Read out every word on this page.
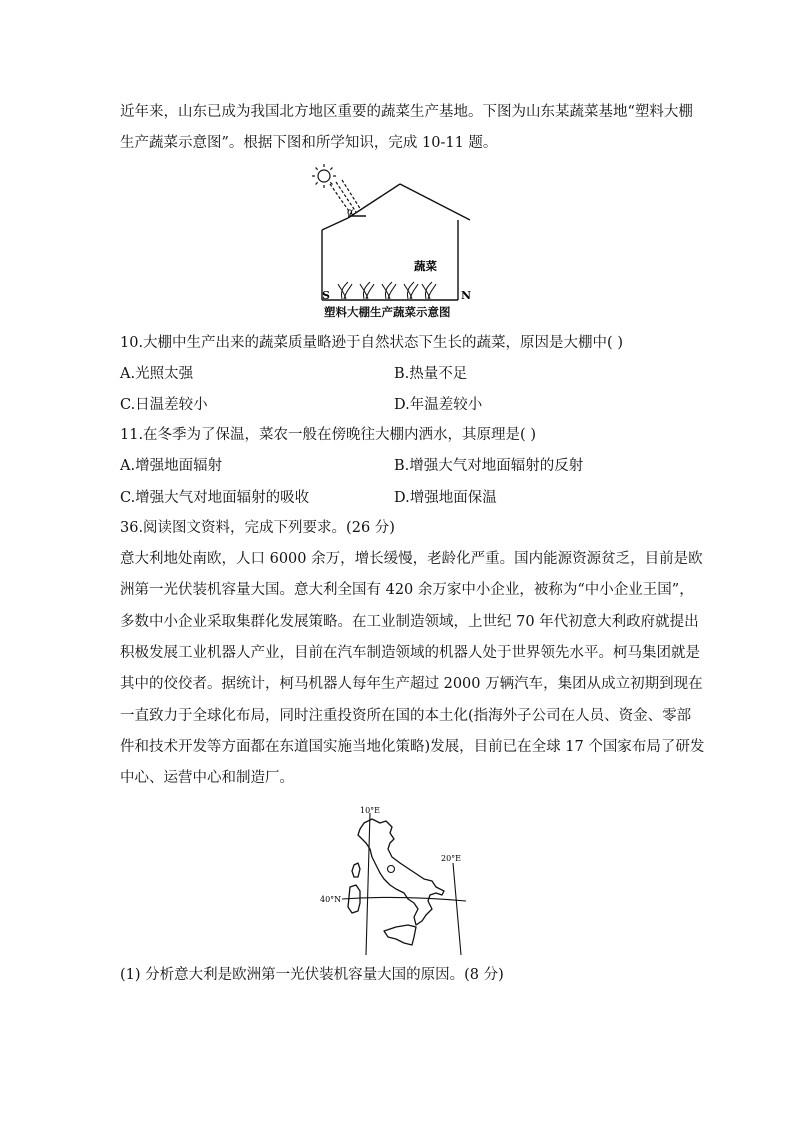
近年来，山东已成为我国北方地区重要的蔬菜生产基地。下图为山东某蔬菜基地“塑料大棚
生产蔬菜示意图”。根据下图和所学知识，完成 10-11 题。
α
蔬菜
S	N
塑料大棚生产蔬菜示意图
10.大棚中生产出来的蔬菜质量略逊于自然状态下生长的蔬菜，原因是大棚中( )
A.光照太强	B.热量不足
C.日温差较小	D.年温差较小
11.在冬季为了保温，菜农一般在傍晚往大棚内洒水，其原理是( )
A.增强地面辐射	B.增强大气对地面辐射的反射
C.增强大气对地面辐射的吸收	D.增强地面保温
36.阅读图文资料，完成下列要求。(26 分)
意大利地处南欧，人口 6000 余万，增长缓慢，老龄化严重。国内能源资源贫乏，目前是欧
洲第一光伏装机容量大国。意大利全国有 420 余万家中小企业，被称为“中小企业王国”，
多数中小企业采取集群化发展策略。在工业制造领域，上世纪 70 年代初意大利政府就提出
积极发展工业机器人产业，目前在汽车制造领域的机器人处于世界领先水平。柯马集团就是
其中的佼佼者。据统计，柯马机器人每年生产超过 2000 万辆汽车，集团从成立初期到现在
一直致力于全球化布局，同时注重投资所在国的本土化(指海外子公司在人员、资金、零部
件和技术开发等方面都在东道国实施当地化策略)发展，目前已在全球 17 个国家布局了研发
中心、运营中心和制造厂。
10°E
20°E
40°N
(1) 分析意大利是欧洲第一光伏装机容量大国的原因。(8 分)
